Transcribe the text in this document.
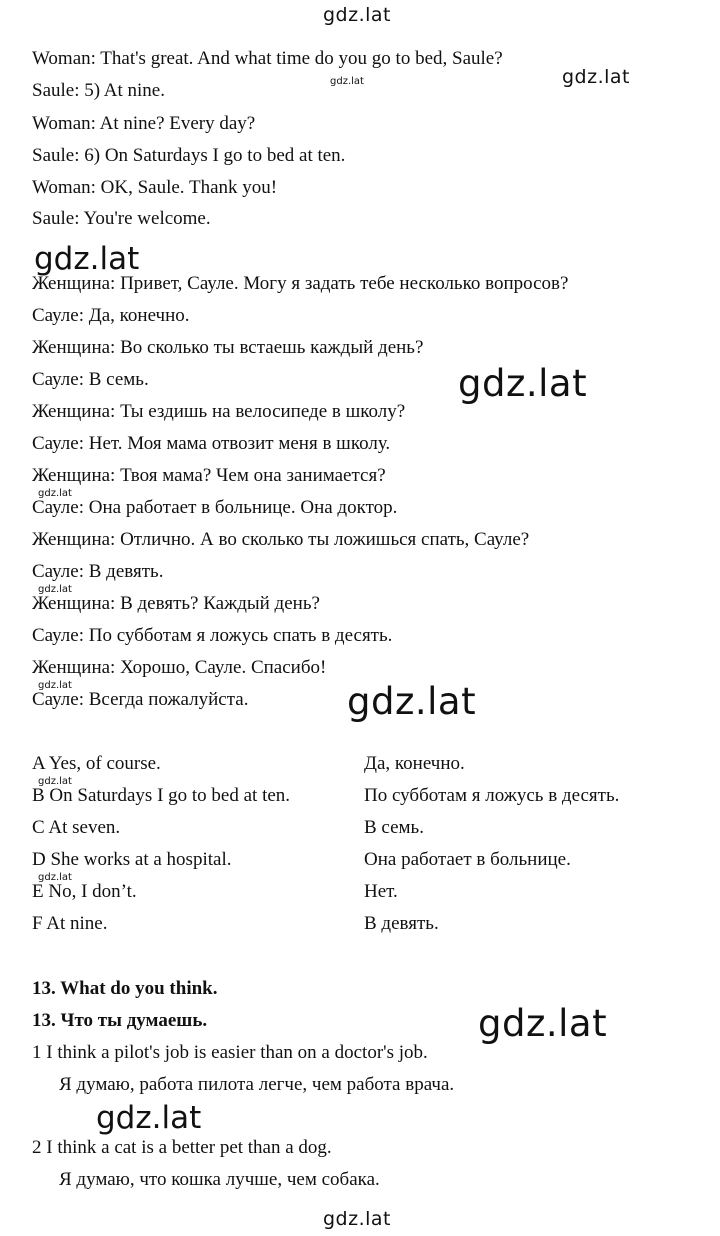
gdz.lat
gdz.lat
gdz.lat
gdz.lat
gdz.lat
gdz.lat
gdz.lat
gdz.lat	gdz.lat
gdz.lat
gdz.lat
gdz.lat
gdz.lat
gdz.lat
Woman: That's great. And what time do you go to bed, Saule?
Saule: 5) At nine.
Woman: At nine? Every day?
Saule: 6) On Saturdays I go to bed at ten.
Woman: OK, Saule. Thank you!
Saule: You're welcome.
Женщина: Привет, Сауле. Могу я задать тебе несколько вопросов?
Сауле: Да, конечно.
Женщина: Во сколько ты встаешь каждый день?
Сауле: В семь.
Женщина: Ты ездишь на велосипеде в школу?
Сауле: Нет. Моя мама отвозит меня в школу.
Женщина: Твоя мама? Чем она занимается?
Сауле: Она работает в больнице. Она доктор.
Женщина: Отлично. А во сколько ты ложишься спать, Сауле?
Сауле: В девять.
Женщина: В девять? Каждый день?
Сауле: По субботам я ложусь спать в десять.
Женщина: Хорошо, Сауле. Спасибо!
Сауле: Всегда пожалуйста.
A Yes, of course.	Да, конечно.
B On Saturdays I go to bed at ten.	По субботам я ложусь в десять.
C At seven.	В семь.
D She works at a hospital.	Она работает в больнице.
E No, I don’t.	Нет.
F At nine.	В девять.
13. What do you think.
13. Что ты думаешь.
1 I think a pilot's job is easier than on a doctor's job.
Я думаю, работа пилота легче, чем работа врача.
2 I think a cat is a better pet than a dog.
Я думаю, что кошка лучше, чем собака.
